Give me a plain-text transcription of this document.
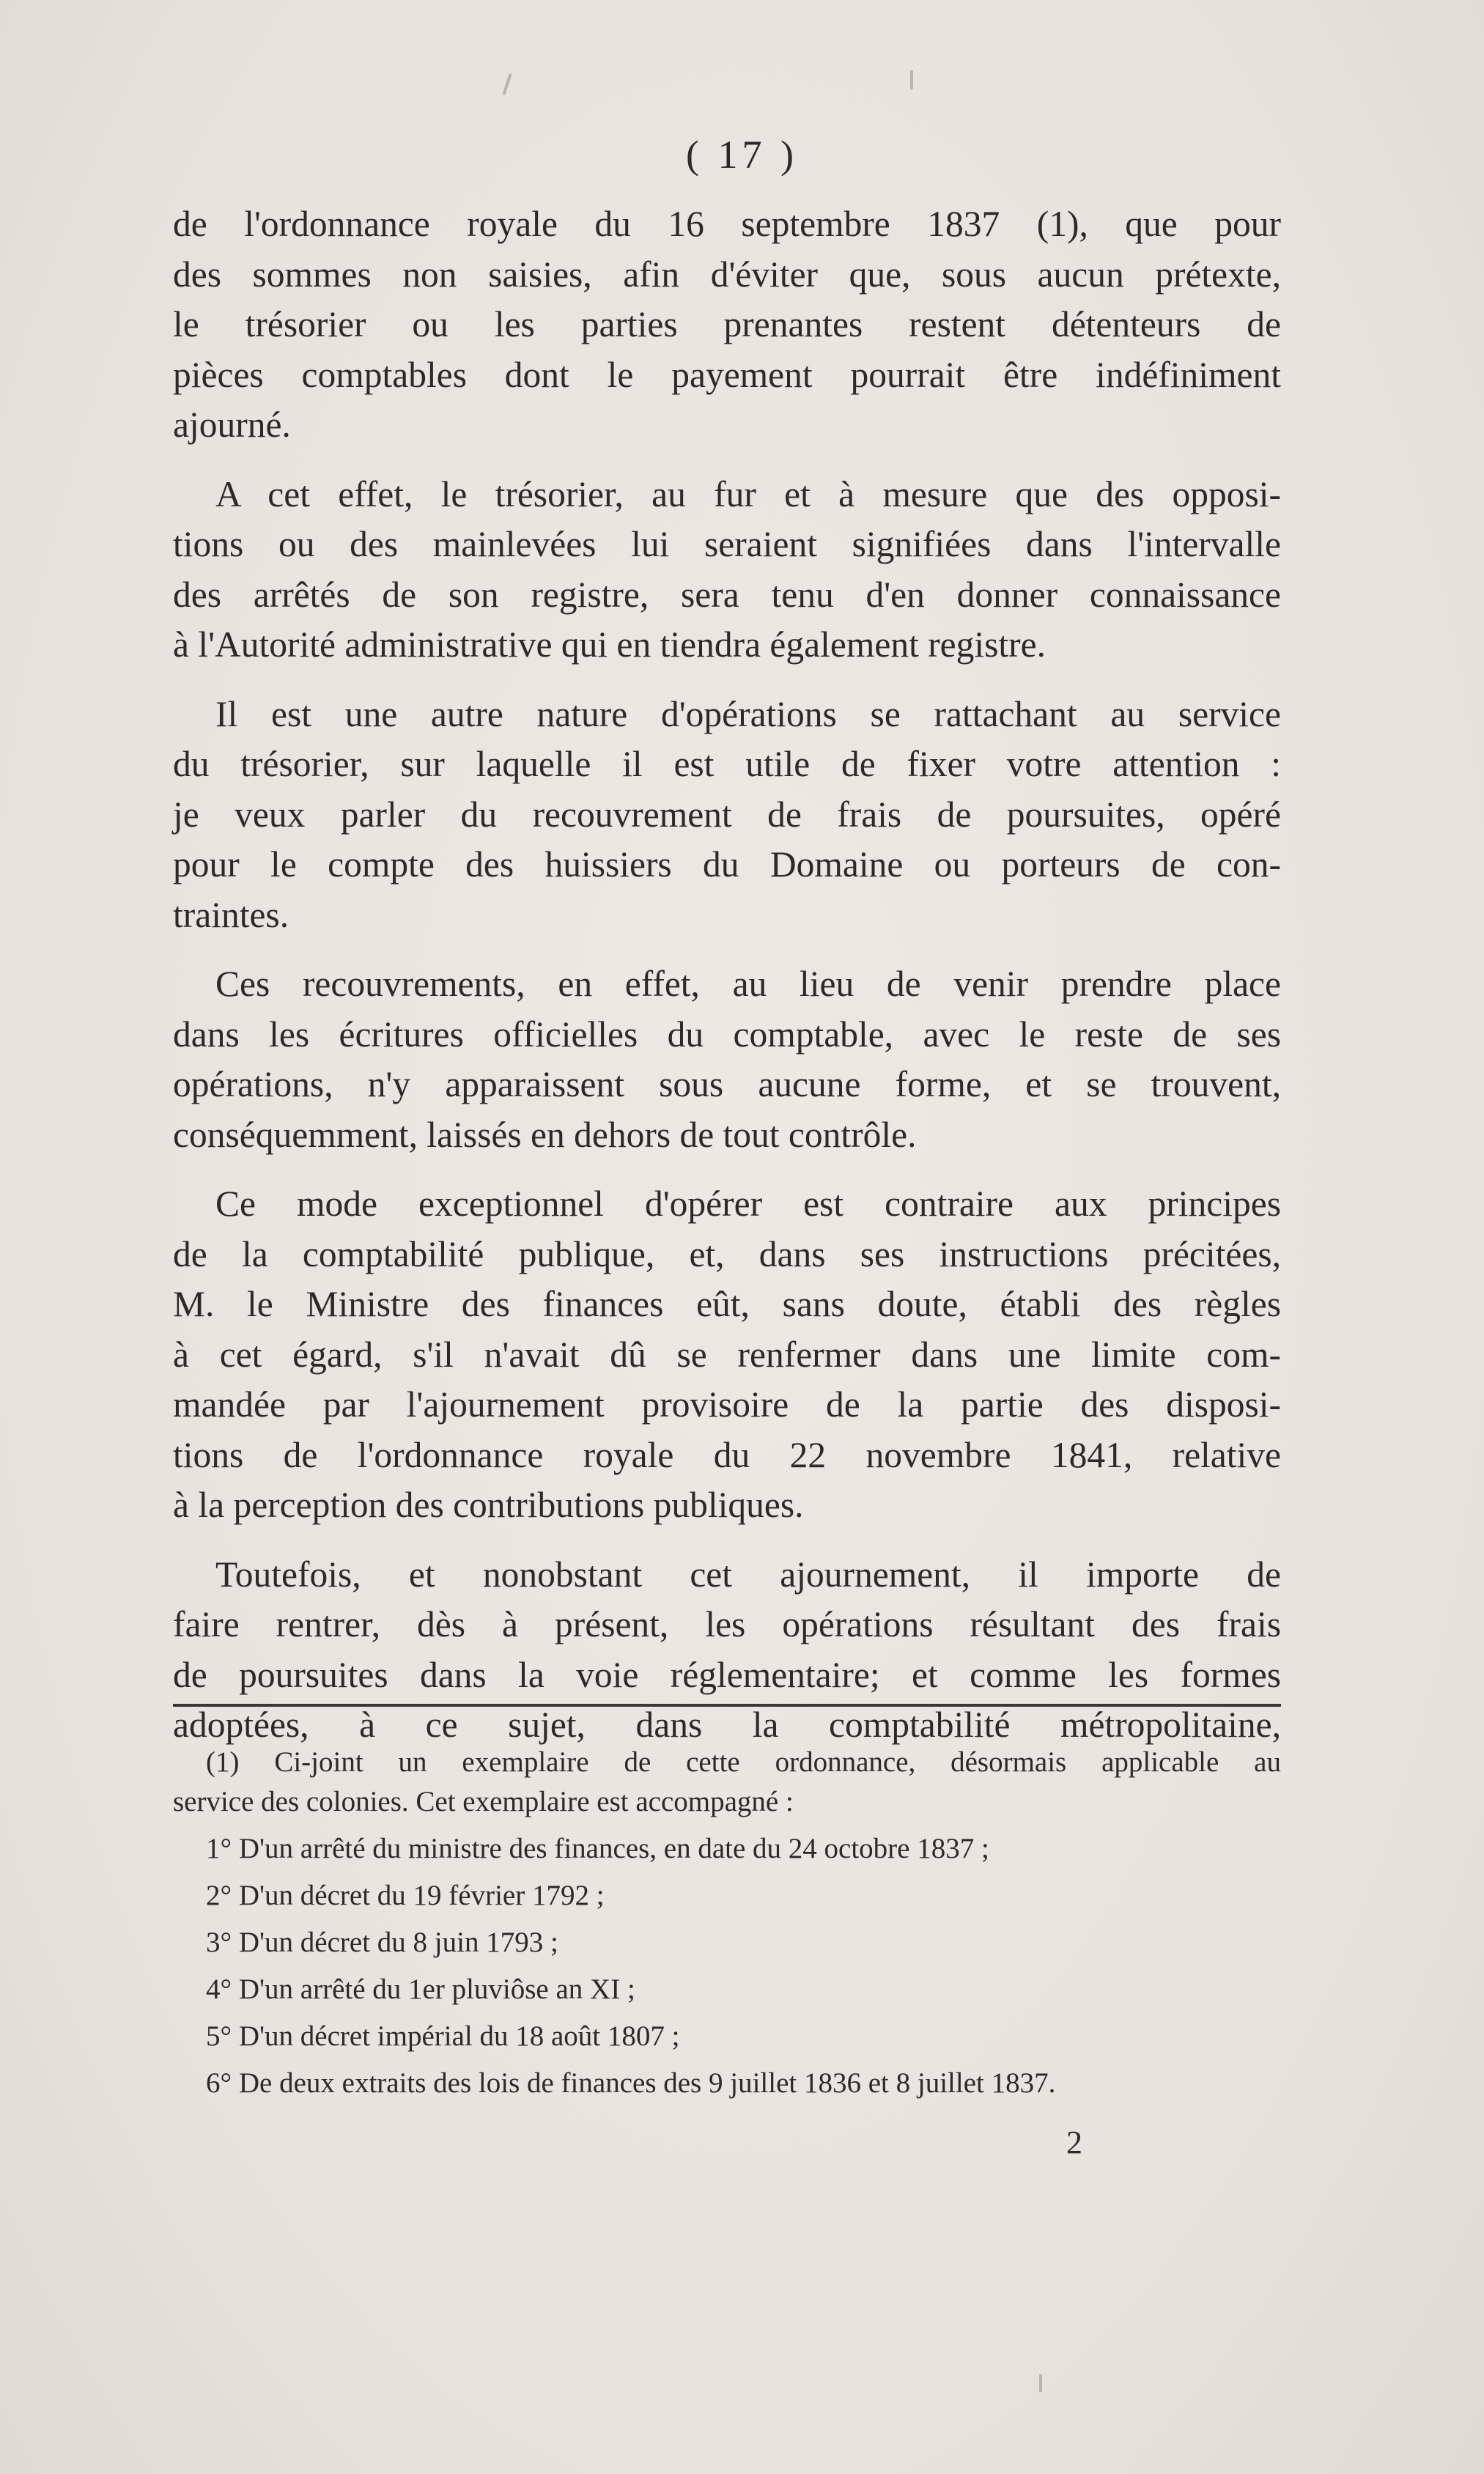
( 17 )

de l'ordonnance royale du 16 septembre 1837 (1), que pour
des sommes non saisies, afin d'éviter que, sous aucun prétexte,
le trésorier ou les parties prenantes restent détenteurs de
pièces comptables dont le payement pourrait être indéfiniment
ajourné.

A cet effet, le trésorier, au fur et à mesure que des opposi-
tions ou des mainlevées lui seraient signifiées dans l'intervalle
des arrêtés de son registre, sera tenu d'en donner connaissance
à l'Autorité administrative qui en tiendra également registre.

Il est une autre nature d'opérations se rattachant au service
du trésorier, sur laquelle il est utile de fixer votre attention :
je veux parler du recouvrement de frais de poursuites, opéré
pour le compte des huissiers du Domaine ou porteurs de con-
traintes.

Ces recouvrements, en effet, au lieu de venir prendre place
dans les écritures officielles du comptable, avec le reste de ses
opérations, n'y apparaissent sous aucune forme, et se trouvent,
conséquemment, laissés en dehors de tout contrôle.

Ce mode exceptionnel d'opérer est contraire aux principes
de la comptabilité publique, et, dans ses instructions précitées,
M. le Ministre des finances eût, sans doute, établi des règles
à cet égard, s'il n'avait dû se renfermer dans une limite com-
mandée par l'ajournement provisoire de la partie des disposi-
tions de l'ordonnance royale du 22 novembre 1841, relative
à la perception des contributions publiques.

Toutefois, et nonobstant cet ajournement, il importe de
faire rentrer, dès à présent, les opérations résultant des frais
de poursuites dans la voie réglementaire; et comme les formes
adoptées, à ce sujet, dans la comptabilité métropolitaine,

(1) Ci-joint un exemplaire de cette ordonnance, désormais applicable au
service des colonies. Cet exemplaire est accompagné :
1° D'un arrêté du ministre des finances, en date du 24 octobre 1837 ;
2° D'un décret du 19 février 1792 ;
3° D'un décret du 8 juin 1793 ;
4° D'un arrêté du 1er pluviôse an XI ;
5° D'un décret impérial du 18 août 1807 ;
6° De deux extraits des lois de finances des 9 juillet 1836 et 8 juillet 1837.
2
